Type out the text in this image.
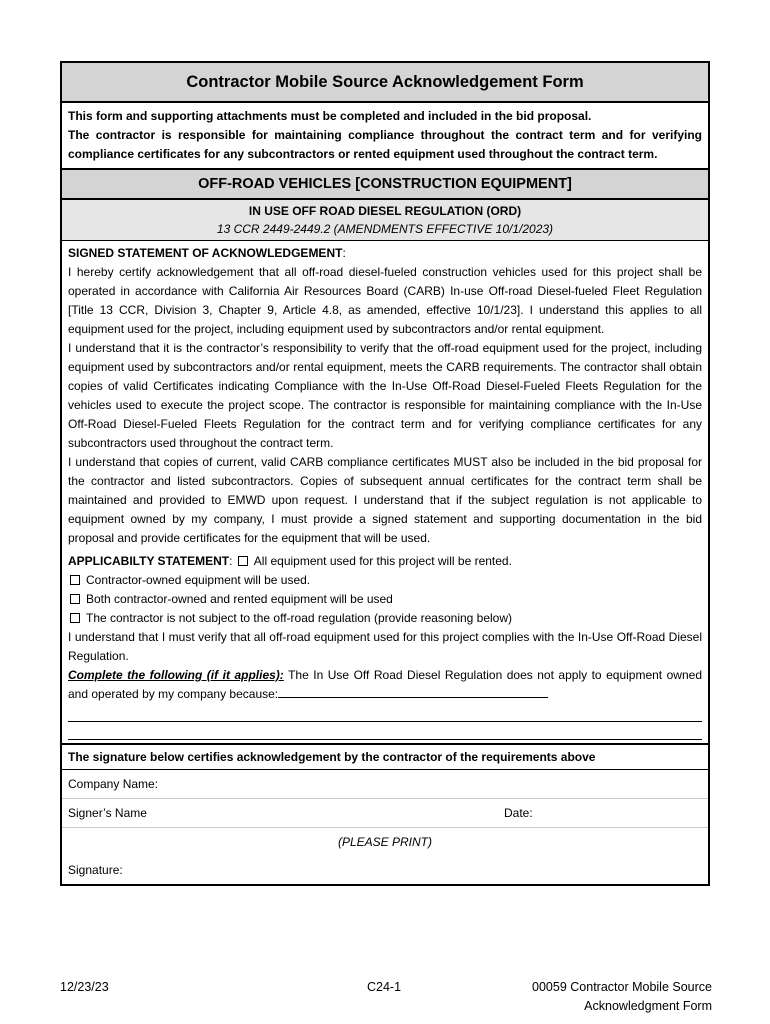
Contractor Mobile Source Acknowledgement Form
This form and supporting attachments must be completed and included in the bid proposal.
The contractor is responsible for maintaining compliance throughout the contract term and for verifying compliance certificates for any subcontractors or rented equipment used throughout the contract term.
OFF-ROAD VEHICLES [CONSTRUCTION EQUIPMENT]
IN USE OFF ROAD DIESEL REGULATION (ORD)
13 CCR 2449-2449.2 (AMENDMENTS EFFECTIVE 10/1/2023)

SIGNED STATEMENT OF ACKNOWLEDGEMENT:

I hereby certify acknowledgement that all off-road diesel-fueled construction vehicles used for this project shall be operated in accordance with California Air Resources Board (CARB) In-use Off-road Diesel-fueled Fleet Regulation [Title 13 CCR, Division 3, Chapter 9, Article 4.8, as amended, effective 10/1/23]. I understand this applies to all equipment used for the project, including equipment used by subcontractors and/or rental equipment.

I understand that it is the contractor’s responsibility to verify that the off-road equipment used for the project, including equipment used by subcontractors and/or rental equipment, meets the CARB requirements. The contractor shall obtain copies of valid Certificates indicating Compliance with the In-Use Off-Road Diesel-Fueled Fleets Regulation for the vehicles used to execute the project scope. The contractor is responsible for maintaining compliance with the In-Use Off-Road Diesel-Fueled Fleets Regulation for the contract term and for verifying compliance certificates for any subcontractors used throughout the contract term.

I understand that copies of current, valid CARB compliance certificates MUST also be included in the bid proposal for the contractor and listed subcontractors. Copies of subsequent annual certificates for the contract term shall be maintained and provided to EMWD upon request. I understand that if the subject regulation is not applicable to equipment owned by my company, I must provide a signed statement and supporting documentation in the bid proposal and provide certificates for the equipment that will be used.

APPLICABILTY STATEMENT: All equipment used for this project will be rented.

Contractor-owned equipment will be used.

Both contractor-owned and rented equipment will be used

The contractor is not subject to the off-road regulation (provide reasoning below)

I understand that I must verify that all off-road equipment used for this project complies with the In-Use Off-Road Diesel Regulation.

Complete the following (if it applies): The In Use Off Road Diesel Regulation does not apply to equipment owned and operated by my company because:

The signature below certifies acknowledgement by the contractor of the requirements above
Company Name:
Signer’s Name	Date:
(PLEASE PRINT)
Signature:
12/23/23	C24-1	00059 Contractor Mobile Source
Acknowledgment Form
